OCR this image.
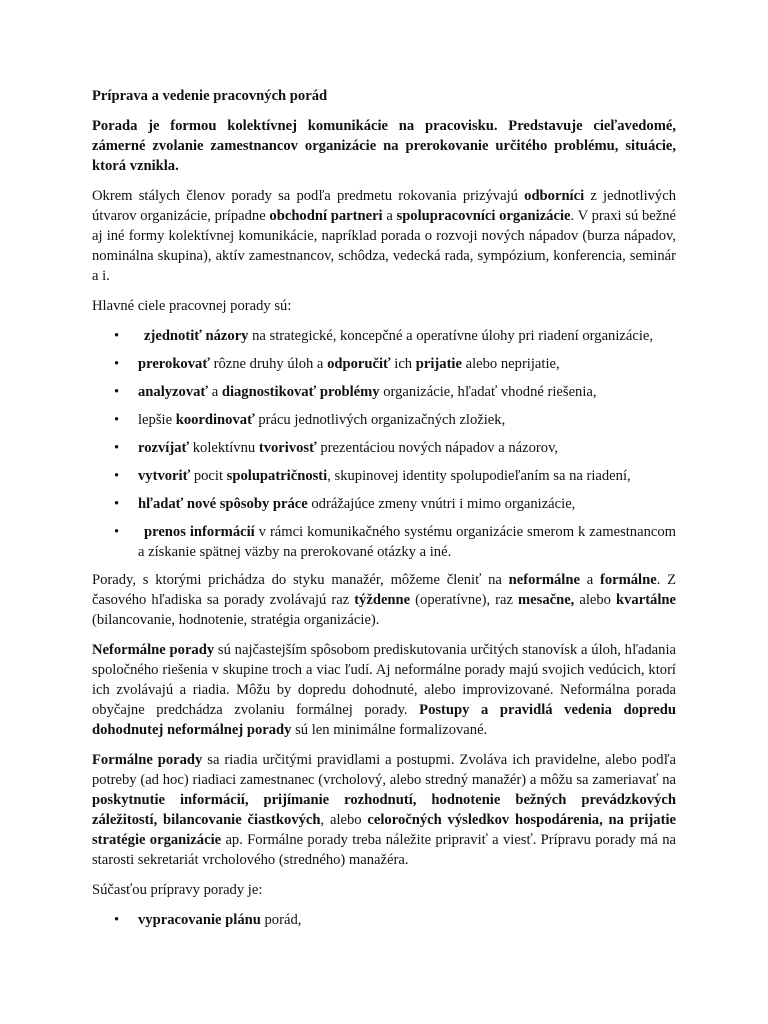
Príprava a vedenie pracovných porád

Porada je formou kolektívnej komunikácie na pracovisku. Predstavuje cieľavedomé, zámerné zvolanie zamestnancov organizácie na prerokovanie určitého problému, situácie, ktorá vznikla.

Okrem stálych členov porady sa podľa predmetu rokovania prizývajú odborníci z jednotlivých útvarov organizácie, prípadne obchodní partneri a spolupracovníci organizácie. V praxi sú bežné aj iné formy kolektívnej komunikácie, napríklad porada o rozvoji nových nápadov (burza nápadov, nominálna skupina), aktív zamestnancov, schôdza, vedecká rada, sympózium, konferencia, seminár a i.

Hlavné ciele pracovnej porady sú:

• zjednotiť názory na strategické, koncepčné a operatívne úlohy pri riadení organizácie,
• prerokovať rôzne druhy úloh a odporučiť ich prijatie alebo neprijatie,
• analyzovať a diagnostikovať problémy organizácie, hľadať vhodné riešenia,
• lepšie koordinovať prácu jednotlivých organizačných zložiek,
• rozvíjať kolektívnu tvorivosť prezentáciou nových nápadov a názorov,
• vytvoriť pocit spolupatričnosti, skupinovej identity spolupodieľaním sa na riadení,
• hľadať nové spôsoby práce odrážajúce zmeny vnútri i mimo organizácie,
• prenos informácií v rámci komunikačného systému organizácie smerom k zamestnancom a získanie spätnej väzby na prerokované otázky a iné.

Porady, s ktorými prichádza do styku manažér, môžeme členiť na neformálne a formálne. Z časového hľadiska sa porady zvolávajú raz týždenne (operatívne), raz mesačne, alebo kvartálne (bilancovanie, hodnotenie, stratégia organizácie).

Neformálne porady sú najčastejším spôsobom prediskutovania určitých stanovísk a úloh, hľadania spoločného riešenia v skupine troch a viac ľudí. Aj neformálne porady majú svojich vedúcich, ktorí ich zvolávajú a riadia. Môžu by dopredu dohodnuté, alebo improvizované. Neformálna porada obyčajne predchádza zvolaniu formálnej porady. Postupy a pravidlá vedenia dopredu dohodnutej neformálnej porady sú len minimálne formalizované.

Formálne porady sa riadia určitými pravidlami a postupmi. Zvoláva ich pravidelne, alebo podľa potreby (ad hoc) riadiaci zamestnanec (vrcholový, alebo stredný manažér) a môžu sa zameriavať na poskytnutie informácií, prijímanie rozhodnutí, hodnotenie bežných prevádzkových záležitostí, bilancovanie čiastkových, alebo celoročných výsledkov hospodárenia, na prijatie stratégie organizácie ap. Formálne porady treba náležite pripraviť a viesť. Prípravu porady má na starosti sekretariát vrcholového (stredného) manažéra.

Súčasťou prípravy porady je:

• vypracovanie plánu porád,
